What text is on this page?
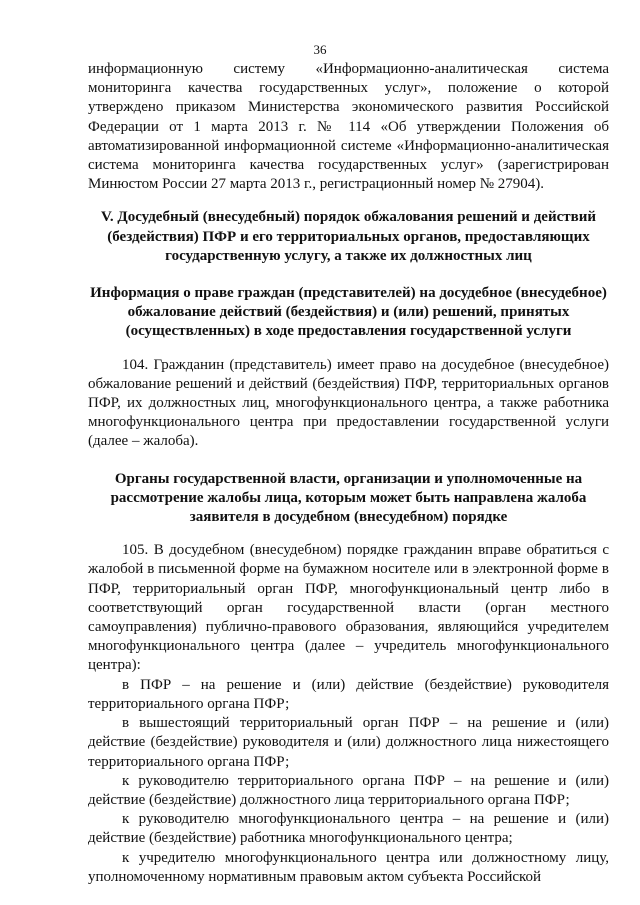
36

информационную систему «Информационно-аналитическая система мониторинга качества государственных услуг», положение о которой утверждено приказом Министерства экономического развития Российской Федерации от 1 марта 2013 г. № 114 «Об утверждении Положения об автоматизированной информационной системе «Информационно-аналитическая система мониторинга качества государственных услуг» (зарегистрирован Минюстом России 27 марта 2013 г., регистрационный номер № 27904).

V. Досудебный (внесудебный) порядок обжалования решений и действий (бездействия) ПФР и его территориальных органов, предоставляющих государственную услугу, а также их должностных лиц
Информация о праве граждан (представителей) на досудебное (внесудебное) обжалование действий (бездействия) и (или) решений, принятых (осуществленных) в ходе предоставления государственной услуги

104. Гражданин (представитель) имеет право на досудебное (внесудебное) обжалование решений и действий (бездействия) ПФР, территориальных органов ПФР, их должностных лиц, многофункционального центра, а также работника многофункционального центра при предоставлении государственной услуги (далее – жалоба).

Органы государственной власти, организации и уполномоченные на рассмотрение жалобы лица, которым может быть направлена жалоба заявителя в досудебном (внесудебном) порядке

105. В досудебном (внесудебном) порядке гражданин вправе обратиться с жалобой в письменной форме на бумажном носителе или в электронной форме в ПФР, территориальный орган ПФР, многофункциональный центр либо в соответствующий орган государственной власти (орган местного самоуправления) публично-правового образования, являющийся учредителем многофункционального центра (далее – учредитель многофункционального центра):

в ПФР – на решение и (или) действие (бездействие) руководителя территориального органа ПФР;

в вышестоящий территориальный орган ПФР – на решение и (или) действие (бездействие) руководителя и (или) должностного лица нижестоящего территориального органа ПФР;

к руководителю территориального органа ПФР – на решение и (или) действие (бездействие) должностного лица территориального органа ПФР;

к руководителю многофункционального центра – на решение и (или) действие (бездействие) работника многофункционального центра;

к учредителю многофункционального центра или должностному лицу, уполномоченному нормативным правовым актом субъекта Российской
